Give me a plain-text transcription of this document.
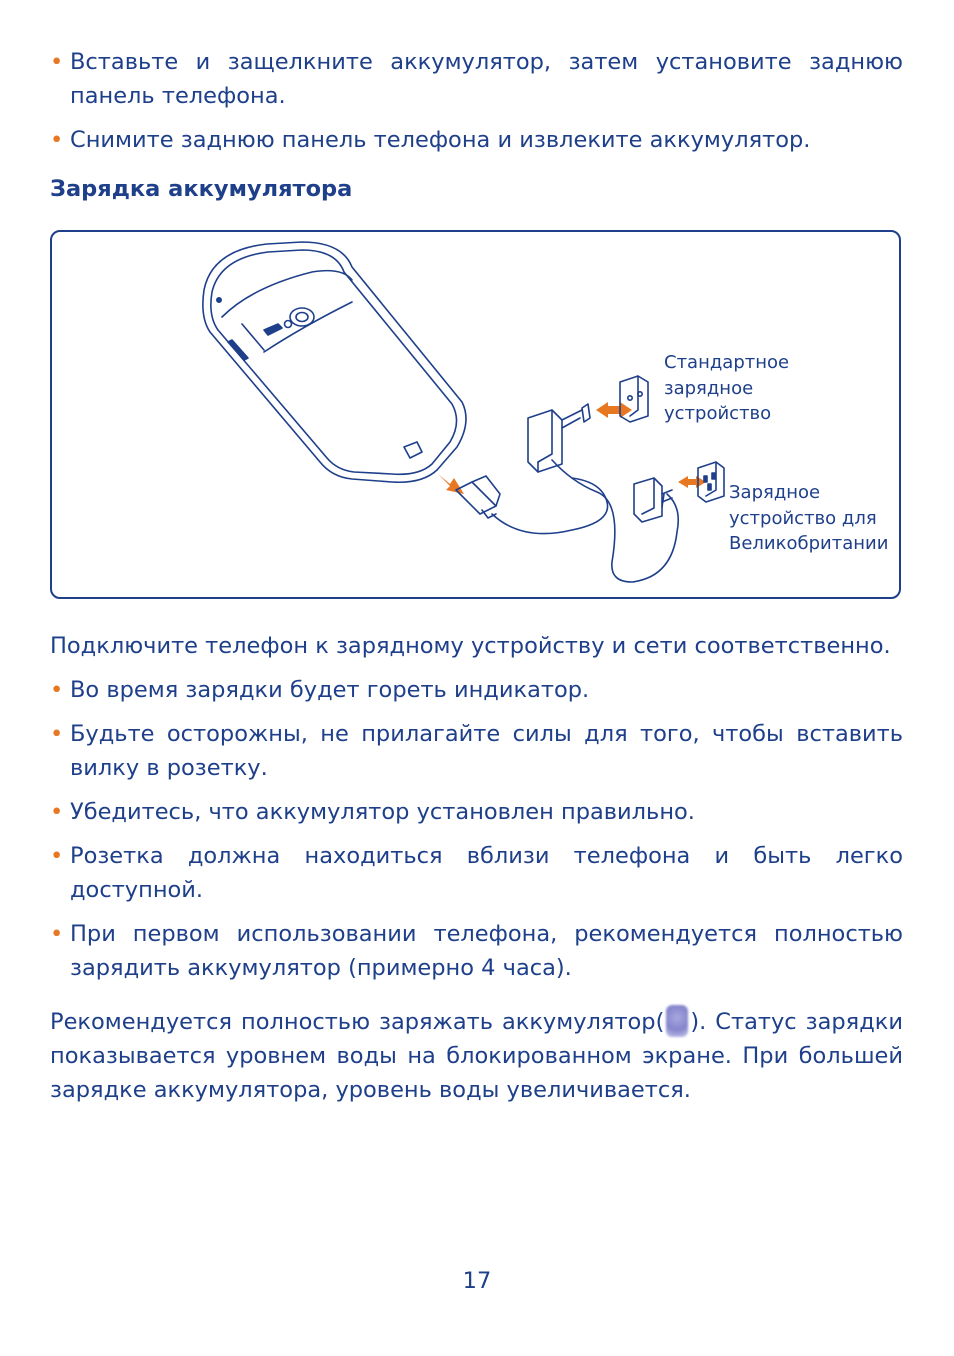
• Вставьте и защелкните аккумулятор, затем установите заднюю панель телефона.
• Снимите заднюю панель телефона и извлеките аккумулятор.
Зарядка аккумулятора
Стандартное
зарядное
устройство
Зарядное
устройство для
Великобритании
Подключите телефон к зарядному устройству и сети соответственно.
• Во время зарядки будет гореть индикатор.
• Будьте осторожны, не прилагайте силы для того, чтобы вставить вилку в розетку.
• Убедитесь, что аккумулятор установлен правильно.
• Розетка должна находиться вблизи телефона и быть легко доступной.
• При первом использовании телефона, рекомендуется полностью зарядить аккумулятор (примерно 4 часа).
Рекомендуется полностью заряжать аккумулятор( ). Статус зарядки показывается уровнем воды на блокированном экране. При большей зарядке аккумулятора, уровень воды увеличивается.
17
